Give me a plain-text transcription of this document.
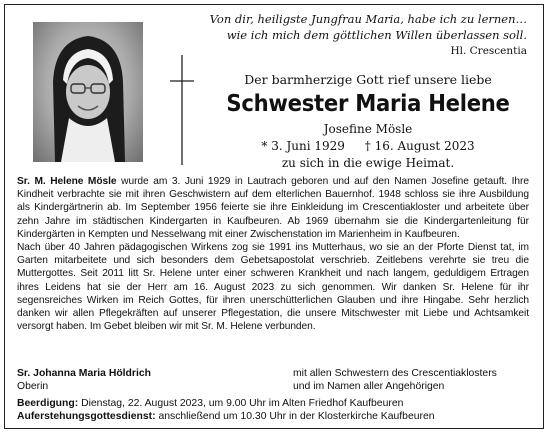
Von dir, heiligste Jungfrau Maria, habe ich zu lernen…
wie ich mich dem göttlichen Willen überlassen soll.
Hl. Crescentia
Der barmherzige Gott rief unsere liebe
Schwester Maria Helene
Josefine Mösle
* 3. Juni 1929 † 16. August 2023
zu sich in die ewige Heimat.
Sr. M. Helene Mösle wurde am 3. Juni 1929 in Lautrach geboren und auf den Namen Josefine getauft. Ihre Kindheit verbrachte sie mit ihren Geschwistern auf dem elterlichen Bauernhof. 1948 schloss sie ihre Ausbildung als Kindergärtnerin ab. Im September 1956 feierte sie ihre Einkleidung im Crescentiakloster und arbeitete über zehn Jahre im städtischen Kindergarten in Kaufbeuren. Ab 1969 übernahm sie die Kindergartenleitung für Kindergärten in Kempten und Nesselwang mit einer Zwischenstation im Marienheim in Kaufbeuren.
Nach über 40 Jahren pädagogischen Wirkens zog sie 1991 ins Mutterhaus, wo sie an der Pforte Dienst tat, im Garten mitarbeitete und sich besonders dem Gebetsapostolat verschrieb. Zeitlebens verehrte sie treu die Muttergottes. Seit 2011 litt Sr. Helene unter einer schweren Krankheit und nach langem, geduldigem Ertragen ihres Leidens hat sie der Herr am 16. August 2023 zu sich genommen. Wir danken Sr. Helene für ihr segensreiches Wirken im Reich Gottes, für ihren unerschütterlichen Glauben und ihre Hingabe. Sehr herzlich danken wir allen Pflegekräften auf unserer Pflegestation, die unsere Mitschwester mit Liebe und Achtsamkeit versorgt haben. Im Gebet bleiben wir mit Sr. M. Helene verbunden.
Sr. Johanna Maria Höldrich
Oberin
mit allen Schwestern des Crescentiaklosters
und im Namen aller Angehörigen
Beerdigung: Dienstag, 22. August 2023, um 9.00 Uhr im Alten Friedhof Kaufbeuren
Auferstehungsgottesdienst: anschließend um 10.30 Uhr in der Klosterkirche Kaufbeuren
